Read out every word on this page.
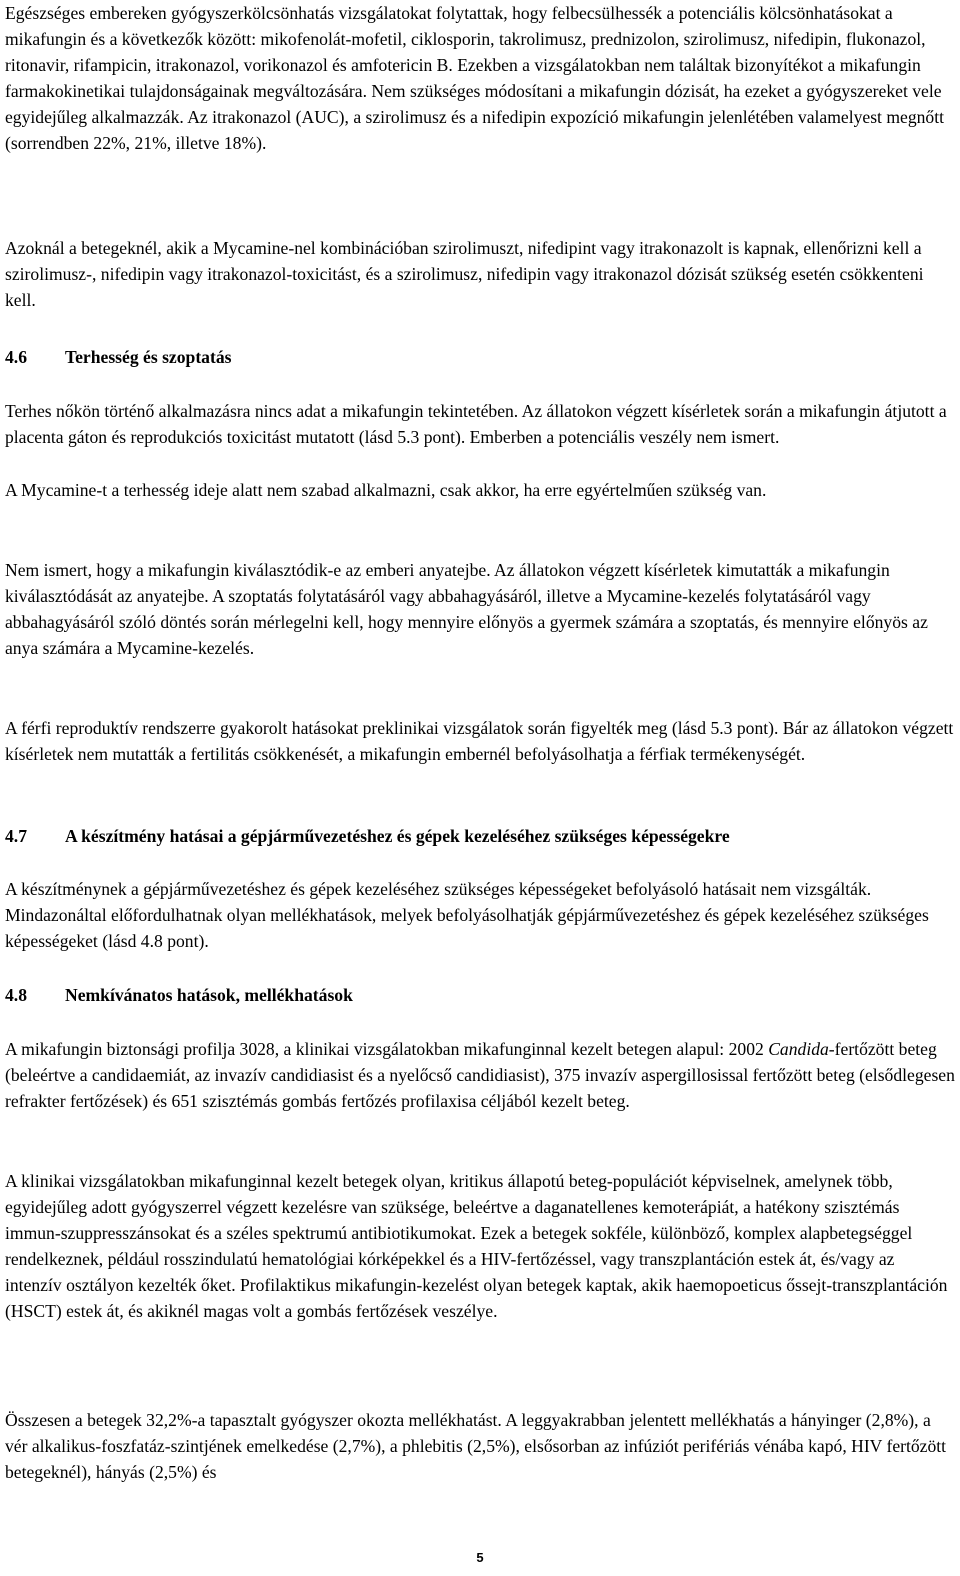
Egészséges embereken gyógyszerkölcsönhatás vizsgálatokat folytattak, hogy felbecsülhessék a potenciális kölcsönhatásokat a mikafungin és a következők között: mikofenolát-mofetil, ciklosporin, takrolimusz, prednizolon, szirolimusz, nifedipin, flukonazol, ritonavir, rifampicin, itrakonazol, vorikonazol és amfotericin B. Ezekben a vizsgálatokban nem találtak bizonyítékot a mikafungin farmakokinetikai tulajdonságainak megváltozására. Nem szükséges módosítani a mikafungin dózisát, ha ezeket a gyógyszereket vele egyidejűleg alkalmazzák. Az itrakonazol (AUC), a szirolimusz és a nifedipin expozíció mikafungin jelenlétében valamelyest megnőtt (sorrendben 22%, 21%, illetve 18%).

Azoknál a betegeknél, akik a Mycamine-nel kombinációban szirolimuszt, nifedipint vagy itrakonazolt is kapnak, ellenőrizni kell a szirolimusz-, nifedipin vagy itrakonazol-toxicitást, és a szirolimusz, nifedipin vagy itrakonazol dózisát szükség esetén csökkenteni kell.

4.6 Terhesség és szoptatás

Terhes nőkön történő alkalmazásra nincs adat a mikafungin tekintetében. Az állatokon végzett kísérletek során a mikafungin átjutott a placenta gáton és reprodukciós toxicitást mutatott (lásd 5.3 pont). Emberben a potenciális veszély nem ismert.

A Mycamine-t a terhesség ideje alatt nem szabad alkalmazni, csak akkor, ha erre egyértelműen szükség van.

Nem ismert, hogy a mikafungin kiválasztódik-e az emberi anyatejbe. Az állatokon végzett kísérletek kimutatták a mikafungin kiválasztódását az anyatejbe. A szoptatás folytatásáról vagy abbahagyásáról, illetve a Mycamine-kezelés folytatásáról vagy abbahagyásáról szóló döntés során mérlegelni kell, hogy mennyire előnyös a gyermek számára a szoptatás, és mennyire előnyös az anya számára a Mycamine-kezelés.

A férfi reproduktív rendszerre gyakorolt hatásokat preklinikai vizsgálatok során figyelték meg (lásd 5.3 pont). Bár az állatokon végzett kísérletek nem mutatták a fertilitás csökkenését, a mikafungin embernél befolyásolhatja a férfiak termékenységét.

4.7 A készítmény hatásai a gépjárművezetéshez és gépek kezeléséhez szükséges képességekre

A készítménynek a gépjárművezetéshez és gépek kezeléséhez szükséges képességeket befolyásoló hatásait nem vizsgálták. Mindazonáltal előfordulhatnak olyan mellékhatások, melyek befolyásolhatják gépjárművezetéshez és gépek kezeléséhez szükséges képességeket (lásd 4.8 pont).

4.8 Nemkívánatos hatások, mellékhatások

A mikafungin biztonsági profilja 3028, a klinikai vizsgálatokban mikafunginnal kezelt betegen alapul: 2002 Candida-fertőzött beteg (beleértve a candidaemiát, az invazív candidiasist és a nyelőcső candidiasist), 375 invazív aspergillosissal fertőzött beteg (elsődlegesen refrakter fertőzések) és 651 szisztémás gombás fertőzés profilaxisa céljából kezelt beteg.

A klinikai vizsgálatokban mikafunginnal kezelt betegek olyan, kritikus állapotú beteg-populációt képviselnek, amelynek több, egyidejűleg adott gyógyszerrel végzett kezelésre van szüksége, beleértve a daganatellenes kemoterápiát, a hatékony szisztémás immun-szuppresszánsokat és a széles spektrumú antibiotikumokat. Ezek a betegek sokféle, különböző, komplex alapbetegséggel rendelkeznek, például rosszindulatú hematológiai kórképekkel és a HIV-fertőzéssel, vagy transzplantáción estek át, és/vagy az intenzív osztályon kezelték őket. Profilaktikus mikafungin-kezelést olyan betegek kaptak, akik haemopoeticus őssejt-transzplantáción (HSCT) estek át, és akiknél magas volt a gombás fertőzések veszélye.

Összesen a betegek 32,2%-a tapasztalt gyógyszer okozta mellékhatást. A leggyakrabban jelentett mellékhatás a hányinger (2,8%), a vér alkalikus-foszfatáz-szintjének emelkedése (2,7%), a phlebitis (2,5%), elsősorban az infúziót perifériás vénába kapó, HIV fertőzött betegeknél), hányás (2,5%) és

5
